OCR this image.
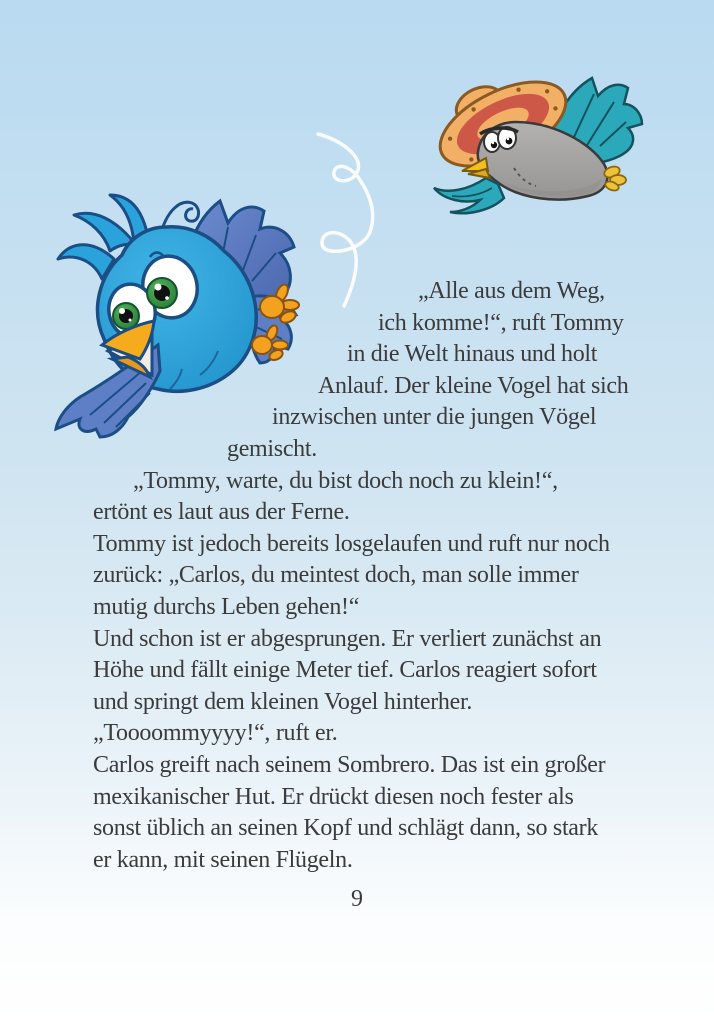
„Alle aus dem Weg,
ich komme!“, ruft Tommy
in die Welt hinaus und holt
Anlauf. Der kleine Vogel hat sich
inzwischen unter die jungen Vögel
gemischt.
„Tommy, warte, du bist doch noch zu klein!“,
ertönt es laut aus der Ferne.
Tommy ist jedoch bereits losgelaufen und ruft nur noch
zurück: „Carlos, du meintest doch, man solle immer
mutig durchs Leben gehen!“
Und schon ist er abgesprungen. Er verliert zunächst an
Höhe und fällt einige Meter tief. Carlos reagiert sofort
und springt dem kleinen Vogel hinterher.
„Toooommyyyy!“, ruft er.
Carlos greift nach seinem Sombrero. Das ist ein großer
mexikanischer Hut. Er drückt diesen noch fester als
sonst üblich an seinen Kopf und schlägt dann, so stark
er kann, mit seinen Flügeln.
9
